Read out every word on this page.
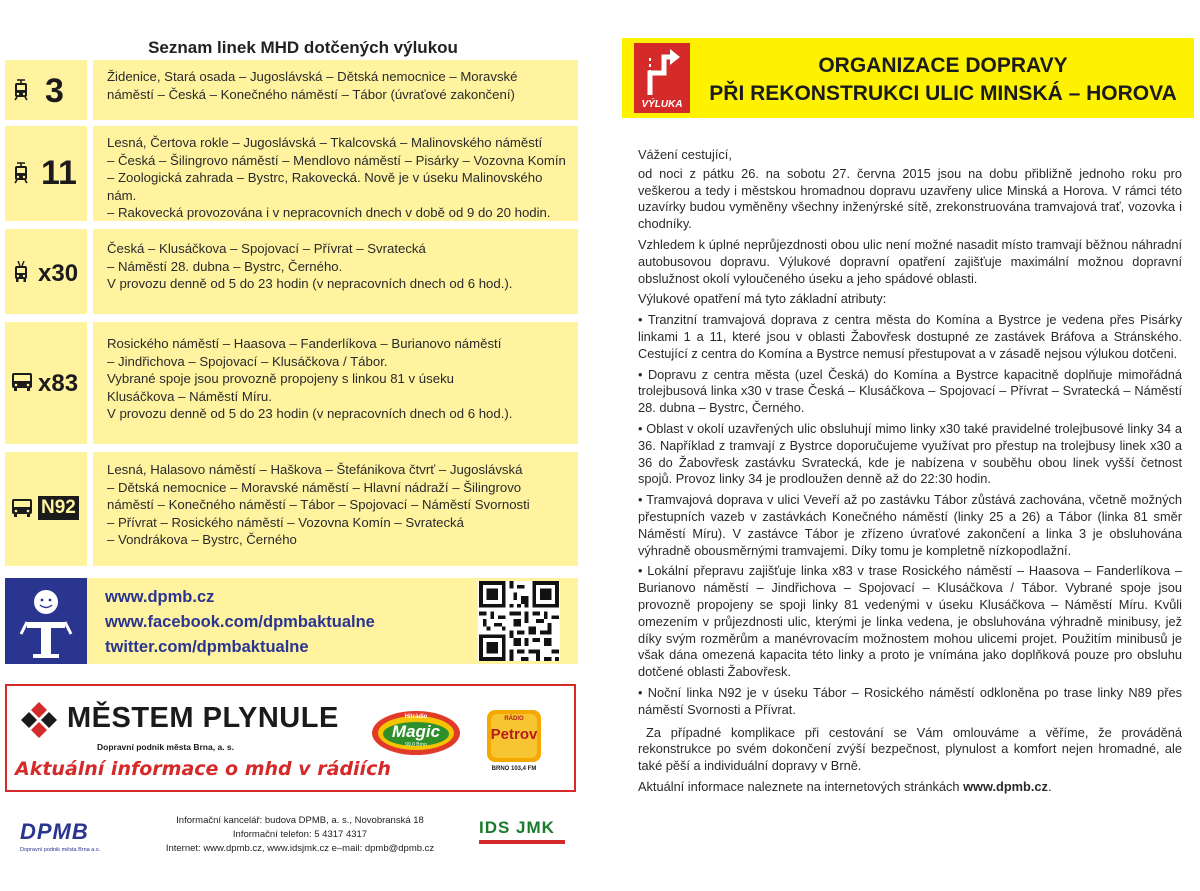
Seznam linek MHD dotčených výlukou
3	Židenice, Stará osada – Jugoslávská – Dětská nemocnice – Moravské
náměstí – Česká – Konečného náměstí – Tábor (úvraťové zakončení)
11
Lesná, Čertova rokle – Jugoslávská – Tkalcovská – Malinovského náměstí
– Česká – Šilingrovo náměstí – Mendlovo náměstí – Pisárky – Vozovna Komín
– Zoologická zahrada – Bystrc, Rakovecká. Nově je v úseku Malinovského nám.
– Rakovecká provozována i v nepracovních dnech v době od 9 do 20 hodin.
x30
Česká – Klusáčkova – Spojovací – Přívrat – Svratecká
– Náměstí 28. dubna – Bystrc, Černého.
V provozu denně od 5 do 23 hodin (v nepracovních dnech od 6 hod.).
x83
Rosického náměstí – Haasova – Fanderlíkova – Burianovo náměstí
– Jindřichova – Spojovací – Klusáčkova / Tábor.
Vybrané spoje jsou provozně propojeny s linkou 81 v úseku
Klusáčkova – Náměstí Míru.
V provozu denně od 5 do 23 hodin (v nepracovních dnech od 6 hod.).
N92
Lesná, Halasovo náměstí – Haškova – Štefánikova čtvrť – Jugoslávská
– Dětská nemocnice – Moravské náměstí – Hlavní nádraží – Šilingrovo
náměstí – Konečného náměstí – Tábor – Spojovací – Náměstí Svornosti
– Přívrat – Rosického náměstí – Vozovna Komín – Svratecká
– Vondrákova – Bystrc, Černého
www.dpmb.cz
www.facebook.com/dpmbaktualne
twitter.com/dpmbaktualne
MĚSTEM PLYNULE
Dopravní podnik města Brna, a. s.
Aktuální informace o mhd v rádiích
Hitrádio
Magic
99,0 Brno
RÁDIO
Petrov
BRNO 103,4 FM
DPMB
Dopravní podnik města Brna a.s.
Informační kancelář: budova DPMB, a. s., Novobranská 18
Informační telefon: 5 4317 4317
Internet: www.dpmb.cz, www.idsjmk.cz e–mail: dpmb@dpmb.cz
IDS JMK
VÝLUKA
ORGANIZACE DOPRAVY
PŘI REKONSTRUKCI ULIC MINSKÁ – HOROVA

Vážení cestující,

od noci z pátku 26. na sobotu 27. června 2015 jsou na dobu přibližně jednoho roku pro veškerou a tedy i městskou hromadnou dopravu uzavřeny ulice Minská a Horova. V rámci této uzavírky budou vyměněny všechny inženýrské sítě, zrekonstruována tramvajová trať, vozovka i chodníky.

Vzhledem k úplné neprůjezdnosti obou ulic není možné nasadit místo tramvají běžnou náhradní autobusovou dopravu. Výlukové dopravní opatření zajišťuje maximální možnou dopravní obslužnost okolí vyloučeného úseku a jeho spádové oblasti.

Výlukové opatření má tyto základní atributy:

• Tranzitní tramvajová doprava z centra města do Komína a Bystrce je vedena přes Pisárky linkami 1 a 11, které jsou v oblasti Žabovřesk dostupné ze zastávek Bráfova a Stránského. Cestující z centra do Komína a Bystrce nemusí přestupovat a v zásadě nejsou výlukou dotčeni.

• Dopravu z centra města (uzel Česká) do Komína a Bystrce kapacitně doplňuje mimořádná trolejbusová linka x30 v trase Česká – Klusáčkova – Spojovací – Přívrat – Svratecká – Náměstí 28. dubna – Bystrc, Černého.

• Oblast v okolí uzavřených ulic obsluhují mimo linky x30 také pravidelné trolejbusové linky 34 a 36. Například z tramvají z Bystrce doporučujeme využívat pro přestup na trolejbusy linek x30 a 36 do Žabovřesk zastávku Svratecká, kde je nabízena v souběhu obou linek vyšší četnost spojů. Provoz linky 34 je prodloužen denně až do 22:30 hodin.

• Tramvajová doprava v ulici Veveří až po zastávku Tábor zůstává zachována, včetně možných přestupních vazeb v zastávkách Konečného náměstí (linky 25 a 26) a Tábor (linka 81 směr Náměstí Míru). V zastávce Tábor je zřízeno úvraťové zakončení a linka 3 je obsluhována výhradně obousměrnými tramvajemi. Díky tomu je kompletně nízkopodlažní.

• Lokální přepravu zajišťuje linka x83 v trase Rosického náměstí – Haasova – Fanderlíkova – Burianovo náměstí – Jindřichova – Spojovací – Klusáčkova / Tábor. Vybrané spoje jsou provozně propojeny se spoji linky 81 vedenými v úseku Klusáčkova – Náměstí Míru. Kvůli omezením v průjezdnosti ulic, kterými je linka vedena, je obsluhována výhradně minibusy, jež díky svým rozměrům a manévrovacím možnostem mohou ulicemi projet. Použitím minibusů je však dána omezená kapacita této linky a proto je vnímána jako doplňková pouze pro obsluhu dotčené oblasti Žabovřesk.

• Noční linka N92 je v úseku Tábor – Rosického náměstí odkloněna po trase linky N89 přes náměstí Svornosti a Přívrat.

Za případné komplikace při cestování se Vám omlouváme a věříme, že prováděná rekonstrukce po svém dokončení zvýší bezpečnost, plynulost a komfort nejen hromadné, ale také pěší a individuální dopravy v Brně.

Aktuální informace naleznete na internetových stránkách www.dpmb.cz.
